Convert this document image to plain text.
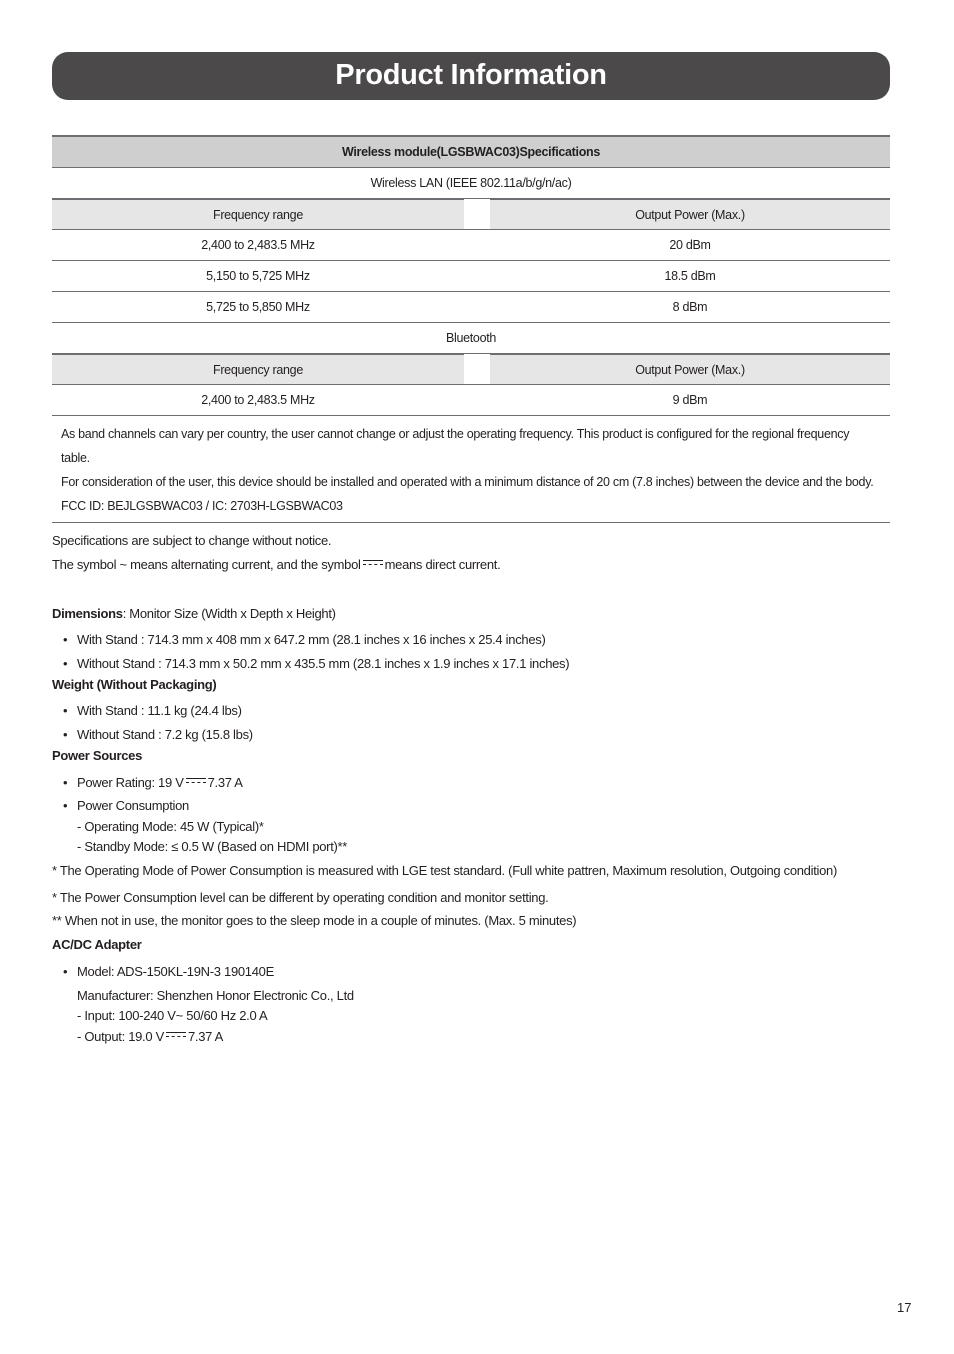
Product Information
Wireless module(LGSBWAC03)Specifications
Wireless LAN (IEEE 802.11a/b/g/n/ac)
Frequency range	Output Power (Max.)
2,400 to 2,483.5 MHz	20 dBm
5,150 to 5,725 MHz	18.5 dBm
5,725 to 5,850 MHz	8 dBm
Bluetooth
Frequency range	Output Power (Max.)
2,400 to 2,483.5 MHz	9 dBm
As band channels can vary per country, the user cannot change or adjust the operating frequency. This product is configured for the regional frequency table.
For consideration of the user, this device should be installed and operated with a minimum distance of 20 cm (7.8 inches) between the device and the body.
FCC ID: BEJLGSBWAC03 / IC: 2703H-LGSBWAC03
Specifications are subject to change without notice.
The symbol ~ means alternating current, and the symbol means direct current.
Dimensions: Monitor Size (Width x Depth x Height)
• With Stand : 714.3 mm x 408 mm x 647.2 mm (28.1 inches x 16 inches x 25.4 inches)
• Without Stand : 714.3 mm x 50.2 mm x 435.5 mm (28.1 inches x 1.9 inches x 17.1 inches)
Weight (Without Packaging)
• With Stand : 11.1 kg (24.4 lbs)
• Without Stand : 7.2 kg (15.8 lbs)
Power Sources
• Power Rating: 19 V 7.37 A
• Power Consumption
- Operating Mode: 45 W (Typical)*
- Standby Mode: ≤ 0.5 W (Based on HDMI port)**
* The Operating Mode of Power Consumption is measured with LGE test standard. (Full white pattren, Maximum resolution, Outgoing condition)
* The Power Consumption level can be different by operating condition and monitor setting.
** When not in use, the monitor goes to the sleep mode in a couple of minutes. (Max. 5 minutes)
AC/DC Adapter
• Model: ADS-150KL-19N-3 190140E
Manufacturer: Shenzhen Honor Electronic Co., Ltd
- Input: 100-240 V~ 50/60 Hz 2.0 A
- Output: 19.0 V 7.37 A
17
